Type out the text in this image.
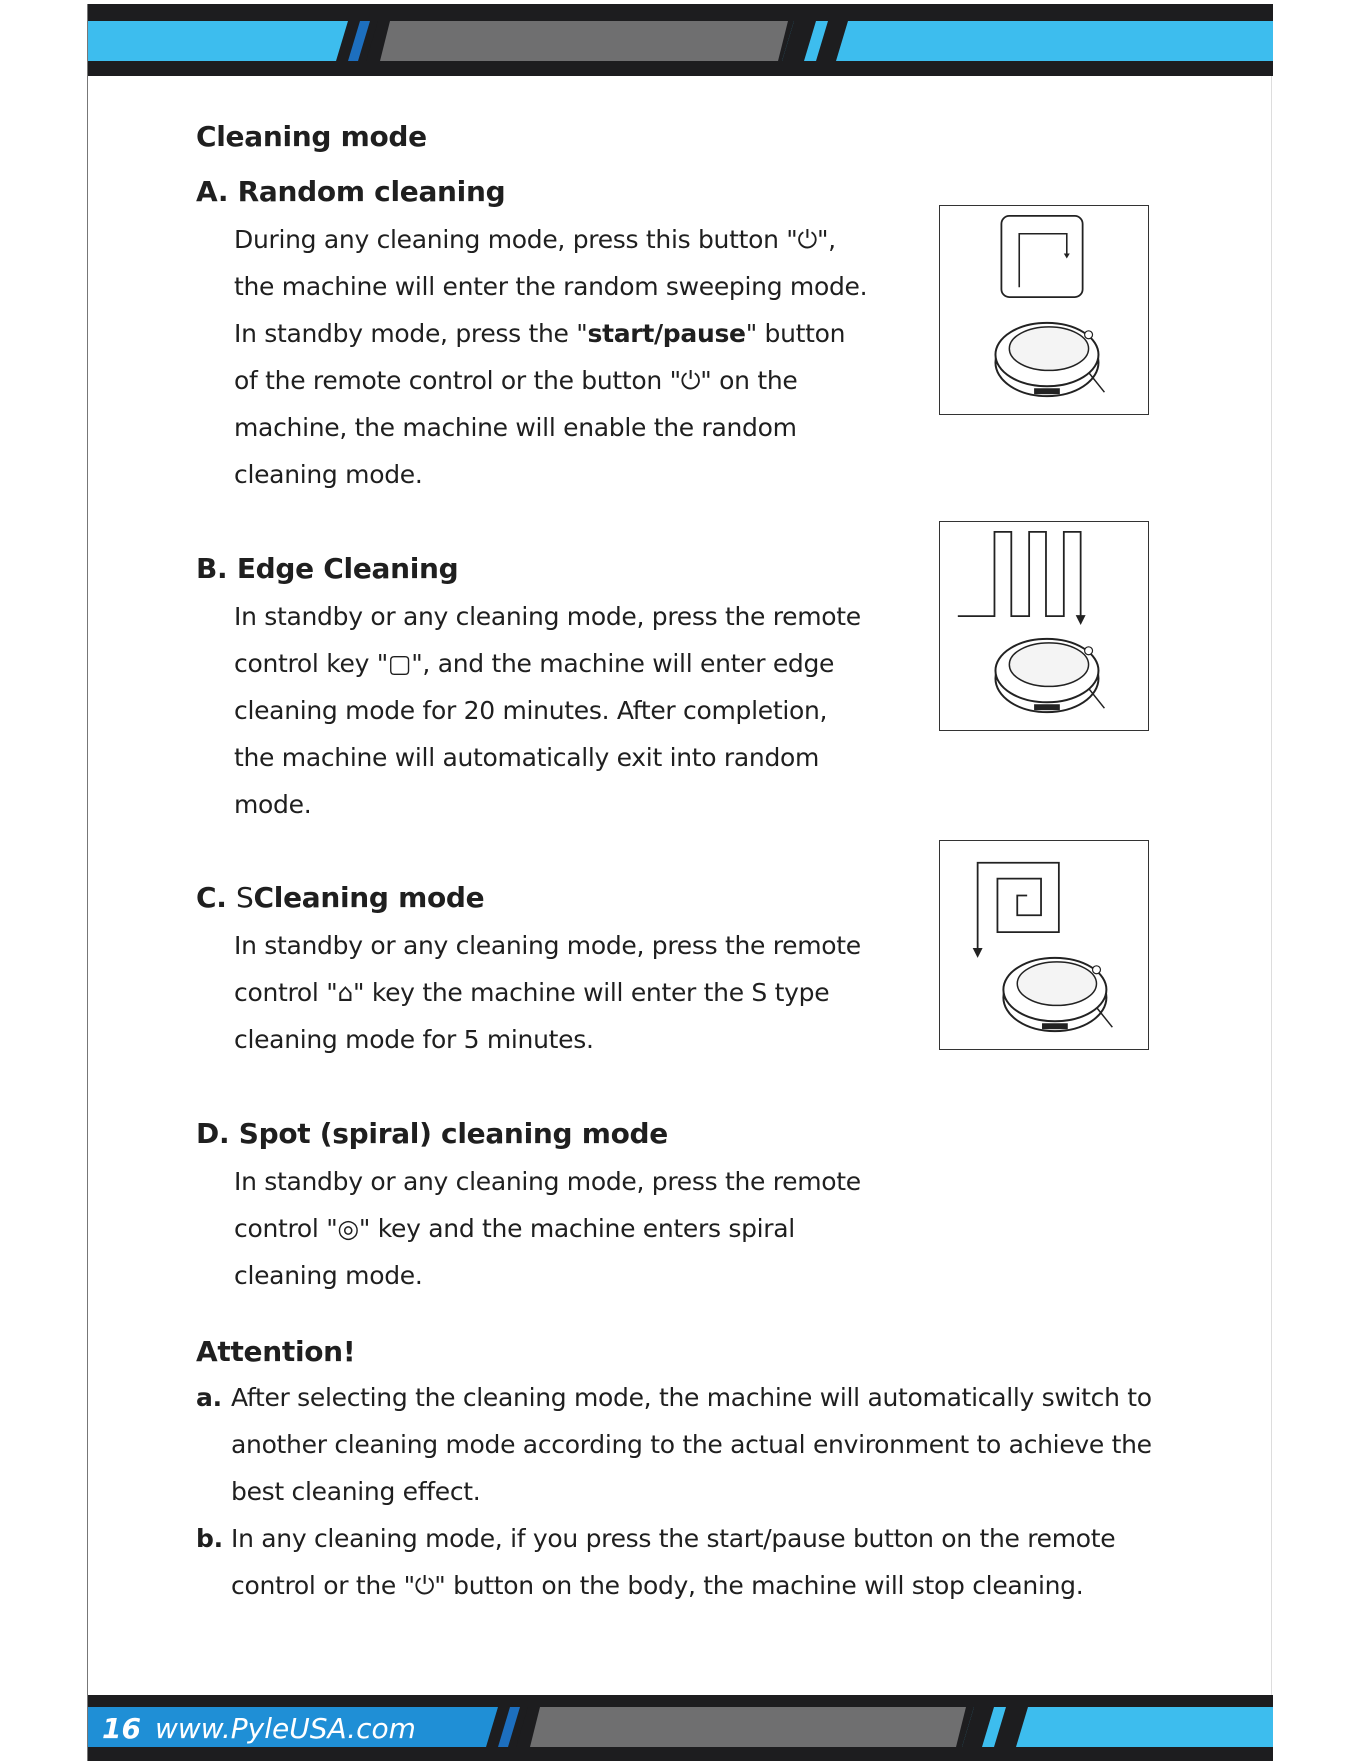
Cleaning mode
A. Random cleaning
During any cleaning mode, press this button "⏻",
the machine will enter the random sweeping mode.
In standby mode, press the "start/pause" button
of the remote control or the button "⏻" on the
machine, the machine will enable the random
cleaning mode.
B. Edge Cleaning
In standby or any cleaning mode, press the remote
control key "▢", and the machine will enter edge
cleaning mode for 20 minutes. After completion,
the machine will automatically exit into random
mode.
C. SCleaning mode
In standby or any cleaning mode, press the remote
control "⌂" key the machine will enter the S type
cleaning mode for 5 minutes.
D. Spot (spiral) cleaning mode
In standby or any cleaning mode, press the remote
control "◎" key and the machine enters spiral
cleaning mode.
Attention!

a. After selecting the cleaning mode, the machine will automatically switch to another cleaning mode according to the actual environment to achieve the best cleaning effect.

b. In any cleaning mode, if you press the start/pause button on the remote control or the "⏻" button on the body, the machine will stop cleaning.

16 www.PyleUSA.com
